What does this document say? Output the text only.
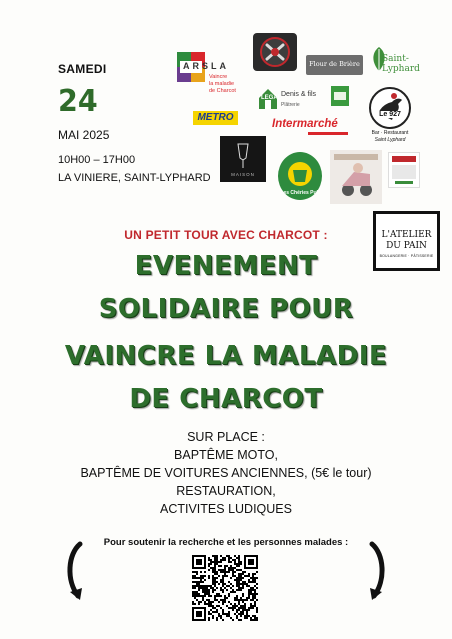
SAMEDI
24
MAI 2025
10H00 – 17H00
LA VINIERE, SAINT-LYPHARD
ARSLA
Vaincre
la maladie
de Charcot
METRO
Flour de Brière	Saint-Lyphard
LEGAL Denis & fils
Plâtrerie
Le 927
Bar · Restaurant
Saint Lyphard
Intermarché
MAISON
Les Chéries Pub
L'ATELIER
DU PAIN
BOULANGERIE · PÂTISSERIE
UN PETIT TOUR AVEC CHARCOT :
EVENEMENT
SOLIDAIRE POUR
VAINCRE LA MALADIE
DE CHARCOT
SUR PLACE :
BAPTÊME MOTO,
BAPTÊME DE VOITURES ANCIENNES, (5€ le tour)
RESTAURATION,
ACTIVITES LUDIQUES
Pour soutenir la recherche et les personnes malades :
